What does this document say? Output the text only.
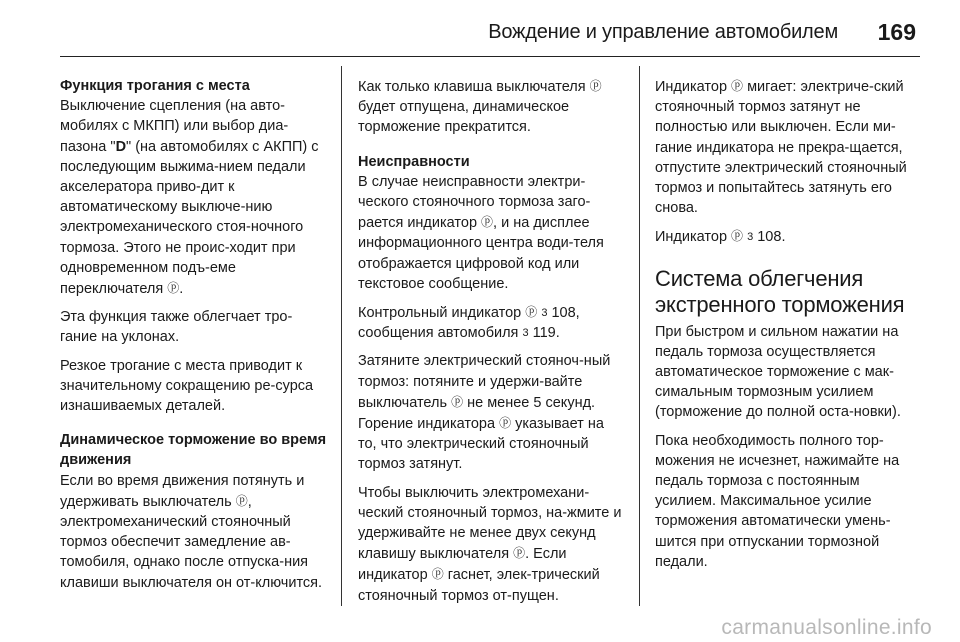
Вождение и управление автомобилем 169

Функция трогания с места

Выключение сцепления (на авто-мобилях с МКПП) или выбор диа-пазона "D" (на автомобилях с АКПП) с последующим выжима-нием педали акселератора приво-дит к автоматическому выключе-нию электромеханического стоя-ночного тормоза. Этого не проис-ходит при одновременном подъ-еме переключателя ⓟ.

Эта функция также облегчает тро-гание на уклонах.

Резкое трогание с места приводит к значительному сокращению ре-сурса изнашиваемых деталей.

Динамическое торможение во время движения

Если во время движения потянуть и удерживать выключатель ⓟ, электромеханический стояночный тормоз обеспечит замедление ав-томобиля, однако после отпуска-ния клавиши выключателя он от-ключится.

Как только клавиша выключателя ⓟ будет отпущена, динамическое торможение прекратится.

Неисправности

В случае неисправности электри-ческого стояночного тормоза заго-рается индикатор ⓟ, и на дисплее информационного центра води-теля отображается цифровой код или текстовое сообщение.

Контрольный индикатор ⓟ 3 108, сообщения автомобиля 3 119.

Затяните электрический стояноч-ный тормоз: потяните и удержи-вайте выключатель ⓟ не менее 5 секунд. Горение индикатора ⓟ указывает на то, что электрический стояночный тормоз затянут.

Чтобы выключить электромехани-ческий стояночный тормоз, на-жмите и удерживайте не менее двух секунд клавишу выключателя ⓟ. Если индикатор ⓟ гаснет, элек-трический стояночный тормоз от-пущен.

Индикатор ⓟ мигает: электриче-ский стояночный тормоз затянут не полностью или выключен. Если ми-гание индикатора не прекра-щается, отпустите электрический стояночный тормоз и попытайтесь затянуть его снова.

Индикатор ⓟ 3 108.

Система облегчения экстренного торможения

При быстром и сильном нажатии на педаль тормоза осуществляется автоматическое торможение с мак-симальным тормозным усилием (торможение до полной оста-новки).

Пока необходимость полного тор-можения не исчезнет, нажимайте на педаль тормоза с постоянным усилием. Максимальное усилие торможения автоматически умень-шится при отпускании тормозной педали.

carmanualsonline.info
